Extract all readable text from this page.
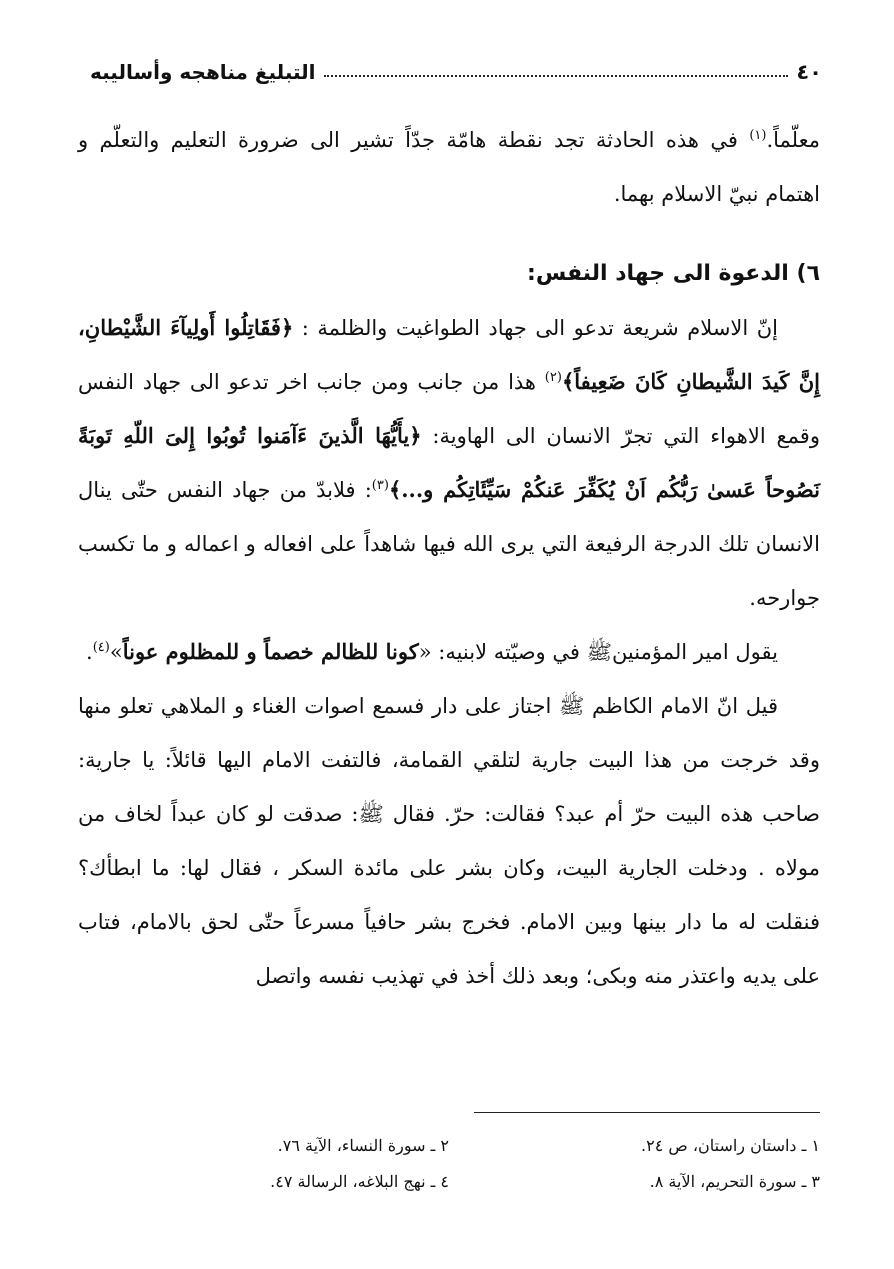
٤٠
التبليغ مناهجه وأساليبه

معلّماً.$^{(١)}$ في هذه الحادثة تجد نقطة هامّة جدّاً تشير الى ضرورة التعليم والتعلّم و اهتمام نبيّ الاسلام بهما.

٦) الدعوة الى جهاد النفس:

إنّ الاسلام شريعة تدعو الى جهاد الطواغيت والظلمة : ﴿فَقَاتِلُوا أَولِيآءَ الشَّيْطانِ، إِنَّ كَيدَ الشَّيطانِ كَانَ ضَعِيفاً﴾$^{(٢)}$ هذا من جانب ومن جانب اخر تدعو الى جهاد النفس وقمع الاهواء التي تجرّ الانسان الى الهاوية: ﴿يأَيُّهَا الَّذينَ ءَآمَنوا تُوبُوا إِلىَ اللّهِ تَوبَةً نَصُوحاً عَسىٰ رَبُّكُم اَنْ يُكَفِّرَ عَنكُمْ سَيِّئَاتِكُم و...﴾$^{(٣)}$: فلابدّ من جهاد النفس حتّٰى ينال الانسان تلك الدرجة الرفيعة التي يرى الله فيها شاهداً على افعاله و اعماله و ما تكسب جوارحه.

يقول امير المؤمنينﷺ في وصيّته لابنيه: «كونا للظالم خصماً و للمظلوم عوناً»$^{(٤)}$.

قيل انّ الامام الكاظم ﷺ اجتاز على دار فسمع اصوات الغناء و الملاهي تعلو منها وقد خرجت من هذا البيت جارية لتلقي القمامة، فالتفت الامام اليها قائلاً: يا جارية: صاحب هذه البيت حرّ أم عبد؟ فقالت: حرّ. فقال ﷺ: صدقت لو كان عبداً لخاف من مولاه . ودخلت الجارية البيت، وكان بشر على مائدة السكر ، فقال لها: ما ابطأك؟ فنقلت له ما دار بينها وبين الامام. فخرج بشر حافياً مسرعاً حتّٰى لحق بالامام، فتاب على يديه واعتذر منه وبكى؛ وبعد ذلك أخذ في تهذيب نفسه واتصل

١ ـ داستان راستان، ص ٢٤.
٢ ـ سورة النساء، الآية ٧٦.
٣ ـ سورة التحريم، الآية ٨.
٤ ـ نهج البلاغه، الرسالة ٤٧.
